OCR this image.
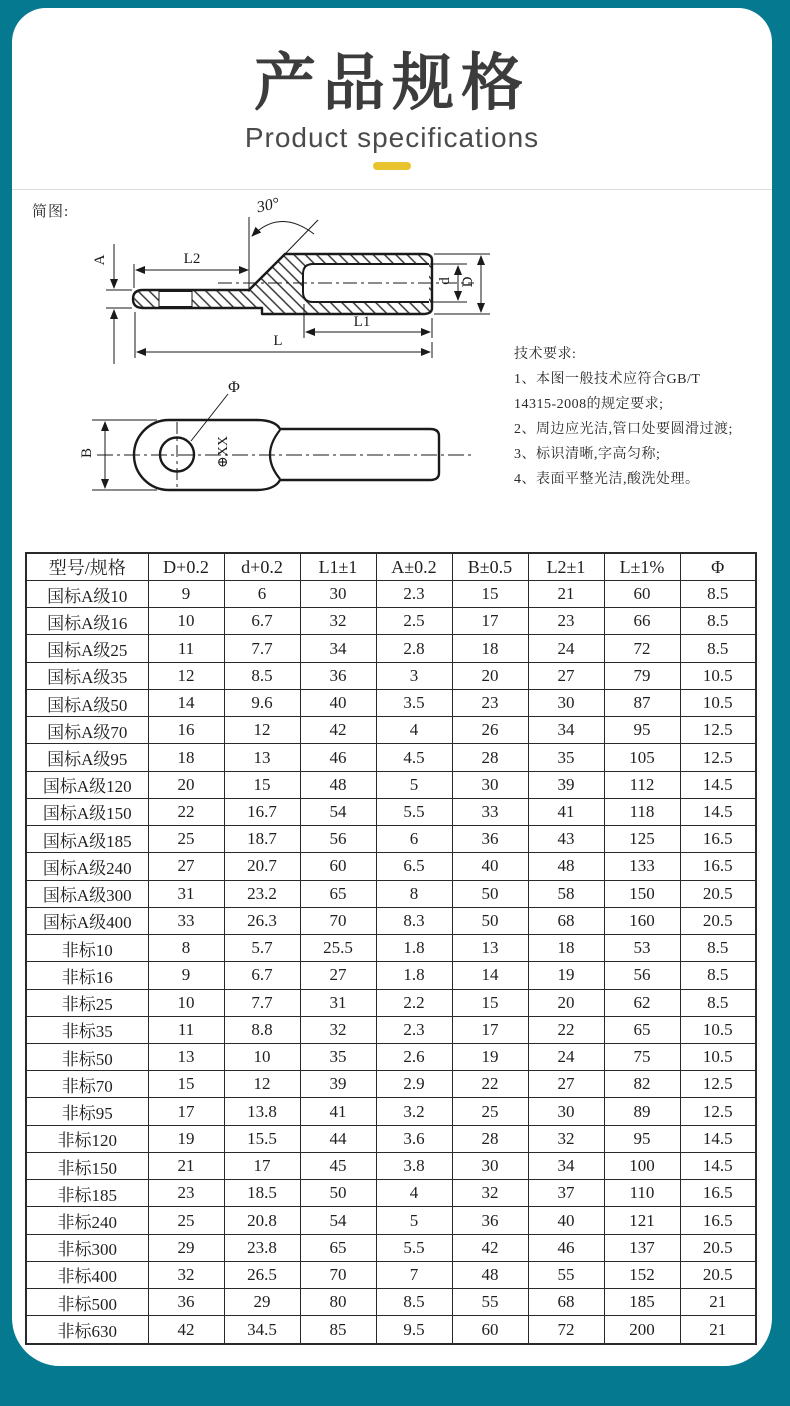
产品规格
Product specifications
简图:
A	L2
30°
L1
L
d D
B
Φ
⊕XX
技术要求:
1、本图一般技术应符合GB/T
14315-2008的规定要求;
2、周边应光洁,管口处要圆滑过渡;
3、标识清晰,字高匀称;
4、表面平整光洁,酸洗处理。
型号/规格	D+0.2	d+0.2	L1±1	A±0.2	B±0.5	L2±1	L±1%	Φ
国标A级10	9	6	30	2.3	15	21	60	8.5
国标A级16	10	6.7	32	2.5	17	23	66	8.5
国标A级25	11	7.7	34	2.8	18	24	72	8.5
国标A级35	12	8.5	36	3	20	27	79	10.5
国标A级50	14	9.6	40	3.5	23	30	87	10.5
国标A级70	16	12	42	4	26	34	95	12.5
国标A级95	18	13	46	4.5	28	35	105	12.5
国标A级120	20	15	48	5	30	39	112	14.5
国标A级150	22	16.7	54	5.5	33	41	118	14.5
国标A级185	25	18.7	56	6	36	43	125	16.5
国标A级240	27	20.7	60	6.5	40	48	133	16.5
国标A级300	31	23.2	65	8	50	58	150	20.5
国标A级400	33	26.3	70	8.3	50	68	160	20.5
非标10	8	5.7	25.5	1.8	13	18	53	8.5
非标16	9	6.7	27	1.8	14	19	56	8.5
非标25	10	7.7	31	2.2	15	20	62	8.5
非标35	11	8.8	32	2.3	17	22	65	10.5
非标50	13	10	35	2.6	19	24	75	10.5
非标70	15	12	39	2.9	22	27	82	12.5
非标95	17	13.8	41	3.2	25	30	89	12.5
非标120	19	15.5	44	3.6	28	32	95	14.5
非标150	21	17	45	3.8	30	34	100	14.5
非标185	23	18.5	50	4	32	37	110	16.5
非标240	25	20.8	54	5	36	40	121	16.5
非标300	29	23.8	65	5.5	42	46	137	20.5
非标400	32	26.5	70	7	48	55	152	20.5
非标500	36	29	80	8.5	55	68	185	21
非标630	42	34.5	85	9.5	60	72	200	21
